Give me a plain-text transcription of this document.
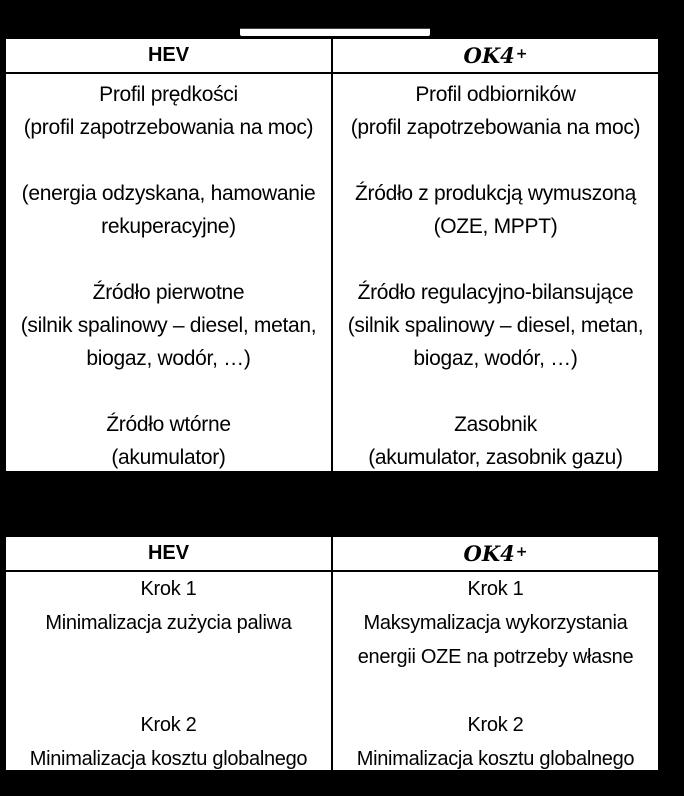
HEV	OK4+
Profil prędkości
(profil zapotrzebowania na moc)
(energia odzyskana, hamowanie
rekuperacyjne)
Źródło pierwotne
(silnik spalinowy – diesel, metan,
biogaz, wodór, …)
Źródło wtórne
(akumulator)
Profil odbiorników
(profil zapotrzebowania na moc)
Źródło z produkcją wymuszoną
(OZE, MPPT)
Źródło regulacyjno-bilansujące
(silnik spalinowy – diesel, metan,
biogaz, wodór, …)
Zasobnik
(akumulator, zasobnik gazu)
HEV	OK4+
Krok 1
Minimalizacja zużycia paliwa

Krok 2
Minimalizacja kosztu globalnego
Krok 1
Maksymalizacja wykorzystania
energii OZE na potrzeby własne
Krok 2
Minimalizacja kosztu globalnego
